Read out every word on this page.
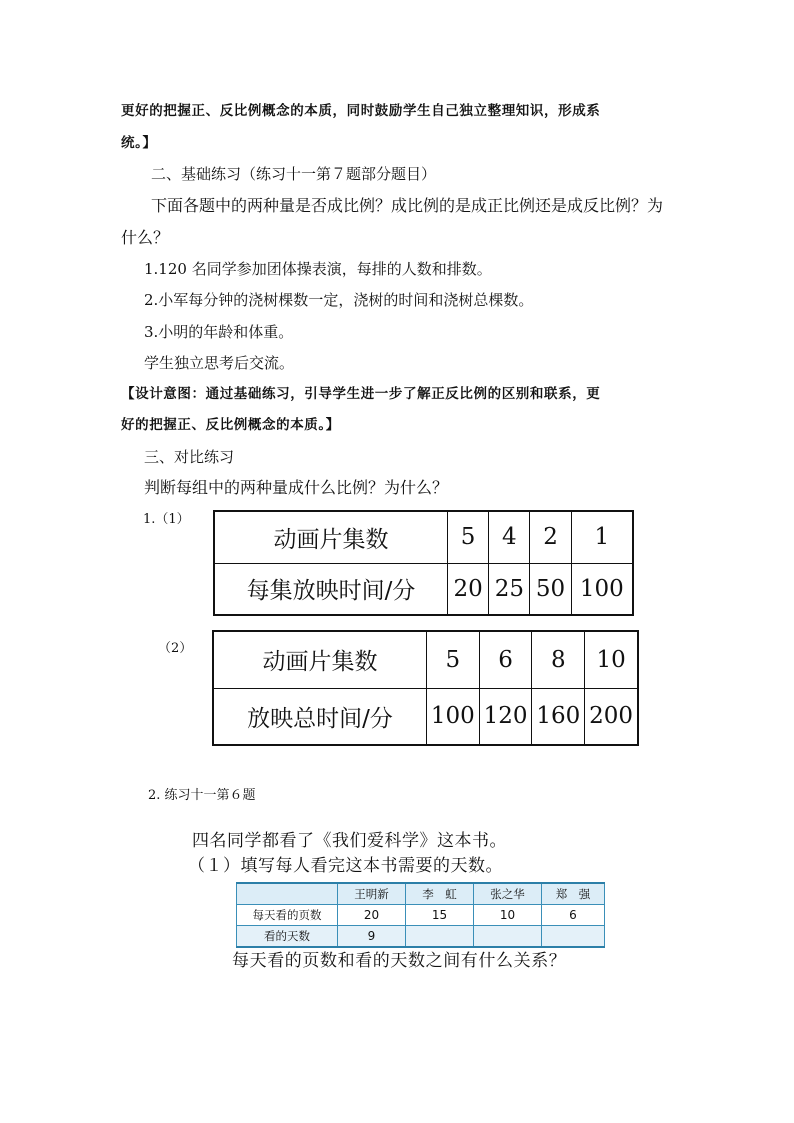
更好的把握正、反比例概念的本质，同时鼓励学生自己独立整理知识，形成系
统。】
二、基础练习（练习十一第７题部分题目）
下面各题中的两种量是否成比例？成比例的是成正比例还是成反比例？为
什么？
1.120 名同学参加团体操表演，每排的人数和排数。
2.小军每分钟的浇树棵数一定，浇树的时间和浇树总棵数。
3.小明的年龄和体重。
学生独立思考后交流。
【设计意图：通过基础练习，引导学生进一步了解正反比例的区别和联系，更
好的把握正、反比例概念的本质。】
三、对比练习
判断每组中的两种量成什么比例？为什么？
1.（1）
动画片集数	5	4	2	1
每集放映时间/分	20	25	50	100
（2）
动画片集数	5	6	8	10
放映总时间/分	100	120	160	200
2. 练习十一第６题
四名同学都看了《我们爱科学》这本书。
（１）填写每人看完这本书需要的天数。
	王明新	李　虹	张之华	郑　强
每天看的页数	20	15	10	6
看的天数	9			
每天看的页数和看的天数之间有什么关系？
